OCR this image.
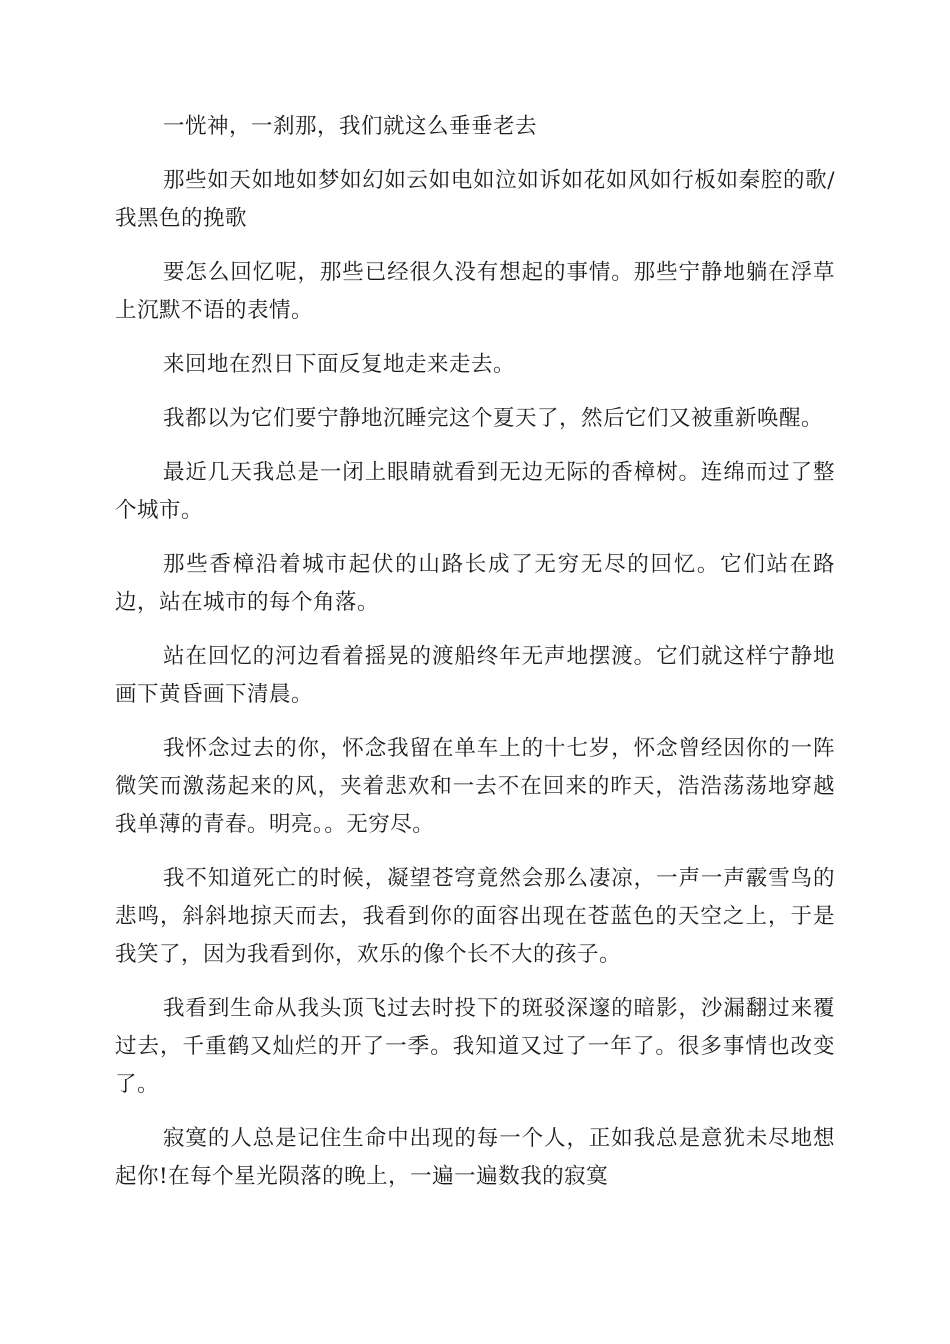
一恍神，一刹那，我们就这么垂垂老去

那些如天如地如梦如幻如云如电如泣如诉如花如风如行板如秦腔的歌/我黑色的挽歌

要怎么回忆呢，那些已经很久没有想起的事情。那些宁静地躺在浮草上沉默不语的表情。

来回地在烈日下面反复地走来走去。

我都以为它们要宁静地沉睡完这个夏天了，然后它们又被重新唤醒。

最近几天我总是一闭上眼睛就看到无边无际的香樟树。连绵而过了整个城市。

那些香樟沿着城市起伏的山路长成了无穷无尽的回忆。它们站在路边，站在城市的每个角落。

站在回忆的河边看着摇晃的渡船终年无声地摆渡。它们就这样宁静地画下黄昏画下清晨。

我怀念过去的你，怀念我留在单车上的十七岁，怀念曾经因你的一阵微笑而激荡起来的风，夹着悲欢和一去不在回来的昨天，浩浩荡荡地穿越我单薄的青春。明亮。。无穷尽。

我不知道死亡的时候，凝望苍穹竟然会那么凄凉，一声一声霰雪鸟的悲鸣，斜斜地掠天而去，我看到你的面容出现在苍蓝色的天空之上，于是我笑了，因为我看到你，欢乐的像个长不大的孩子。

我看到生命从我头顶飞过去时投下的斑驳深邃的暗影，沙漏翻过来覆过去，千重鹤又灿烂的开了一季。我知道又过了一年了。很多事情也改变了。

寂寞的人总是记住生命中出现的每一个人，正如我总是意犹未尽地想起你!在每个星光陨落的晚上，一遍一遍数我的寂寞
